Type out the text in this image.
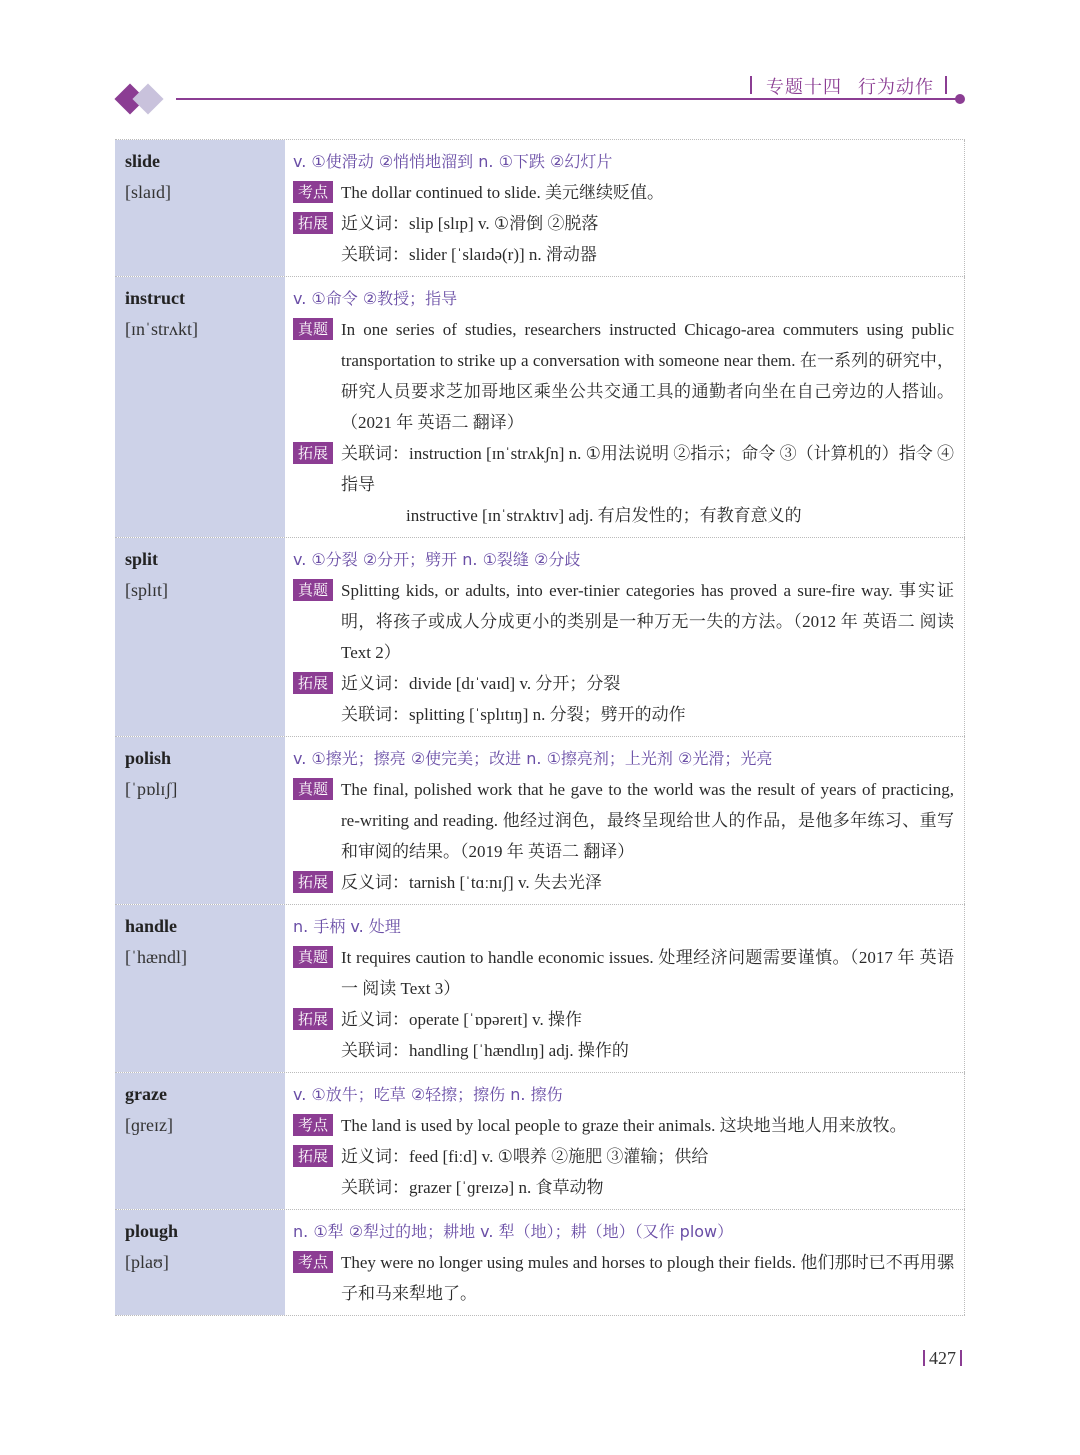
专题十四 行为动作
slide
[slaɪd]
v. ①使滑动 ②悄悄地溜到 n. ①下跌 ②幻灯片
考点 The dollar continued to slide. 美元继续贬值。
拓展 近义词：slip [slɪp] v. ①滑倒 ②脱落
关联词：slider [ˈslaɪdə(r)] n. 滑动器
instruct
[ɪnˈstrʌkt]
v. ①命令 ②教授；指导
真题 In one series of studies, researchers instructed Chicago-area commuters using public transportation to strike up a conversation with someone near them. 在一系列的研究中，研究人员要求芝加哥地区乘坐公共交通工具的通勤者向坐在自己旁边的人搭讪。（2021 年 英语二 翻译）
拓展 关联词：instruction [ɪnˈstrʌkʃn] n. ①用法说明 ②指示；命令 ③（计算机的）指令 ④指导
instructive [ɪnˈstrʌktɪv] adj. 有启发性的；有教育意义的
split
[splɪt]
v. ①分裂 ②分开；劈开 n. ①裂缝 ②分歧
真题 Splitting kids, or adults, into ever-tinier categories has proved a sure-fire way. 事实证明，将孩子或成人分成更小的类别是一种万无一失的方法。（2012 年 英语二 阅读 Text 2）
拓展 近义词：divide [dɪˈvaɪd] v. 分开；分裂
关联词：splitting [ˈsplɪtɪŋ] n. 分裂；劈开的动作
polish
[ˈpɒlɪʃ]
v. ①擦光；擦亮 ②使完美；改进 n. ①擦亮剂；上光剂 ②光滑；光亮
真题 The final, polished work that he gave to the world was the result of years of practicing, re-writing and reading. 他经过润色，最终呈现给世人的作品，是他多年练习、重写和审阅的结果。（2019 年 英语二 翻译）
拓展 反义词：tarnish [ˈtɑːnɪʃ] v. 失去光泽
handle
[ˈhændl]
n. 手柄 v. 处理
真题 It requires caution to handle economic issues. 处理经济问题需要谨慎。（2017 年 英语一 阅读 Text 3）
拓展 近义词：operate [ˈɒpəreɪt] v. 操作
关联词：handling [ˈhændlɪŋ] adj. 操作的
graze
[ɡreɪz]
v. ①放牛；吃草 ②轻擦；擦伤 n. 擦伤
考点 The land is used by local people to graze their animals. 这块地当地人用来放牧。
拓展 近义词：feed [fiːd] v. ①喂养 ②施肥 ③灌输；供给
关联词：grazer [ˈɡreɪzə] n. 食草动物
plough
[plaʊ]
n. ①犁 ②犁过的地；耕地 v. 犁（地）；耕（地）（又作 plow）
考点 They were no longer using mules and horses to plough their fields. 他们那时已不再用骡子和马来犁地了。
427
